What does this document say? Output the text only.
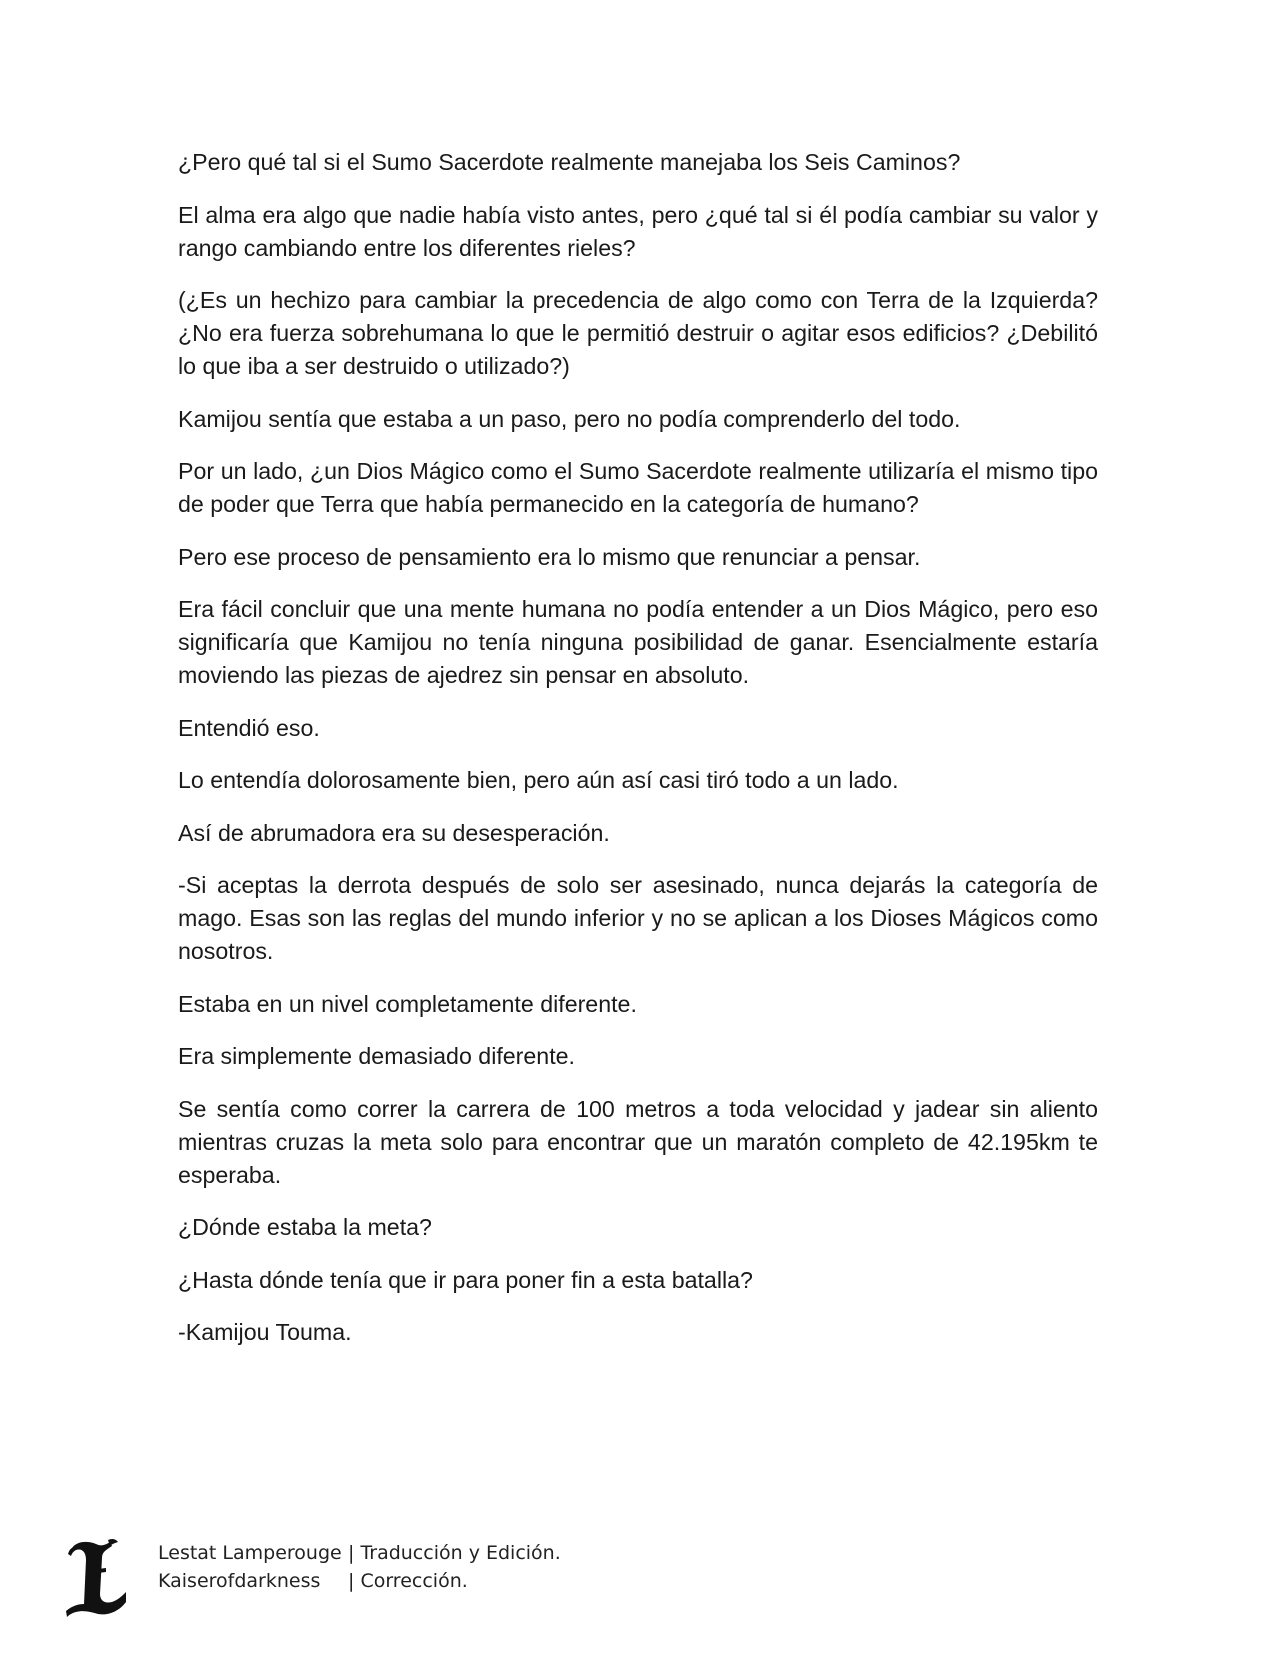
¿Pero qué tal si el Sumo Sacerdote realmente manejaba los Seis Caminos?

El alma era algo que nadie había visto antes, pero ¿qué tal si él podía cambiar su valor y rango cambiando entre los diferentes rieles?

(¿Es un hechizo para cambiar la precedencia de algo como con Terra de la Izquierda? ¿No era fuerza sobrehumana lo que le permitió destruir o agitar esos edificios? ¿Debilitó lo que iba a ser destruido o utilizado?)

Kamijou sentía que estaba a un paso, pero no podía comprenderlo del todo.

Por un lado, ¿un Dios Mágico como el Sumo Sacerdote realmente utilizaría el mismo tipo de poder que Terra que había permanecido en la categoría de humano?

Pero ese proceso de pensamiento era lo mismo que renunciar a pensar.

Era fácil concluir que una mente humana no podía entender a un Dios Mágico, pero eso significaría que Kamijou no tenía ninguna posibilidad de ganar. Esencialmente estaría moviendo las piezas de ajedrez sin pensar en absoluto.

Entendió eso.

Lo entendía dolorosamente bien, pero aún así casi tiró todo a un lado.

Así de abrumadora era su desesperación.

-Si aceptas la derrota después de solo ser asesinado, nunca dejarás la categoría de mago. Esas son las reglas del mundo inferior y no se aplican a los Dioses Mágicos como nosotros.

Estaba en un nivel completamente diferente.

Era simplemente demasiado diferente.

Se sentía como correr la carrera de 100 metros a toda velocidad y jadear sin aliento mientras cruzas la meta solo para encontrar que un maratón completo de 42.195km te esperaba.

¿Dónde estaba la meta?

¿Hasta dónde tenía que ir para poner fin a esta batalla?

-Kamijou Touma.

Lestat Lamperouge | Traducción y Edición.
Kaiserofdarkness	| Corrección.
